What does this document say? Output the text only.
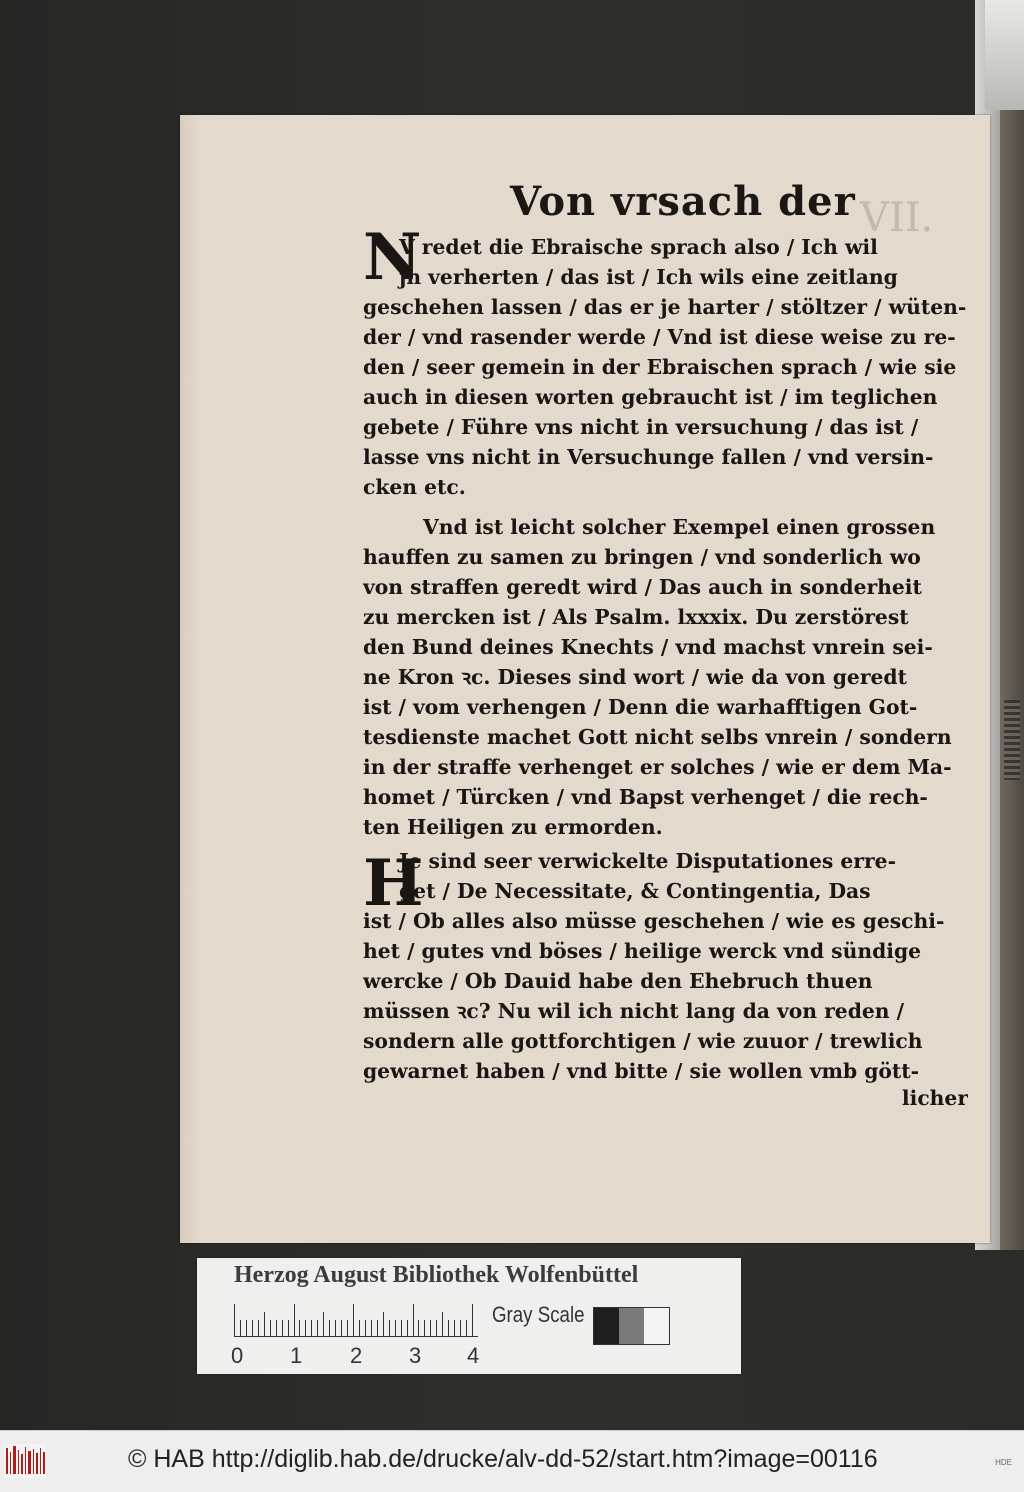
VII.
Von vrsach der
N
V redet die Ebraische sprach also / Ich wil
jn verherten / das ist / Ich wils eine zeitlang
geschehen lassen / das er je harter / stöltzer / wüten-
der / vnd rasender werde / Vnd ist diese weise zu re-
den / seer gemein in der Ebraischen sprach / wie sie
auch in diesen worten gebraucht ist / im teglichen
gebete / Führe vns nicht in versuchung / das ist /
lasse vns nicht in Versuchunge fallen / vnd versin-
cken etc.
Vnd ist leicht solcher Exempel einen grossen
hauffen zu samen zu bringen / vnd sonderlich wo
von straffen geredt wird / Das auch in sonderheit
zu mercken ist / Als Psalm. lxxxix. Du zerstörest
den Bund deines Knechts / vnd machst vnrein sei-
ne Kron ꝛc. Dieses sind wort / wie da von geredt
ist / vom verhengen / Denn die warhafftigen Got-
tesdienste machet Gott nicht selbs vnrein / sondern
in der straffe verhenget er solches / wie er dem Ma-
homet / Türcken / vnd Bapst verhenget / die rech-
ten Heiligen zu ermorden.
H
Je sind seer verwickelte Disputationes erre-
get / De Necessitate, & Contingentia, Das
ist / Ob alles also müsse geschehen / wie es geschi-
het / gutes vnd böses / heilige werck vnd sündige
wercke / Ob Dauid habe den Ehebruch thuen
müssen ꝛc? Nu wil ich nicht lang da von reden /
sondern alle gottforchtigen / wie zuuor / trewlich
gewarnet haben / vnd bitte / sie wollen vmb gött-
licher
Herzog August Bibliothek Wolfenbüttel
0 1 2 3 4
Gray Scale
© HAB http://diglib.hab.de/drucke/alv-dd-52/start.htm?image=00116	HDE
